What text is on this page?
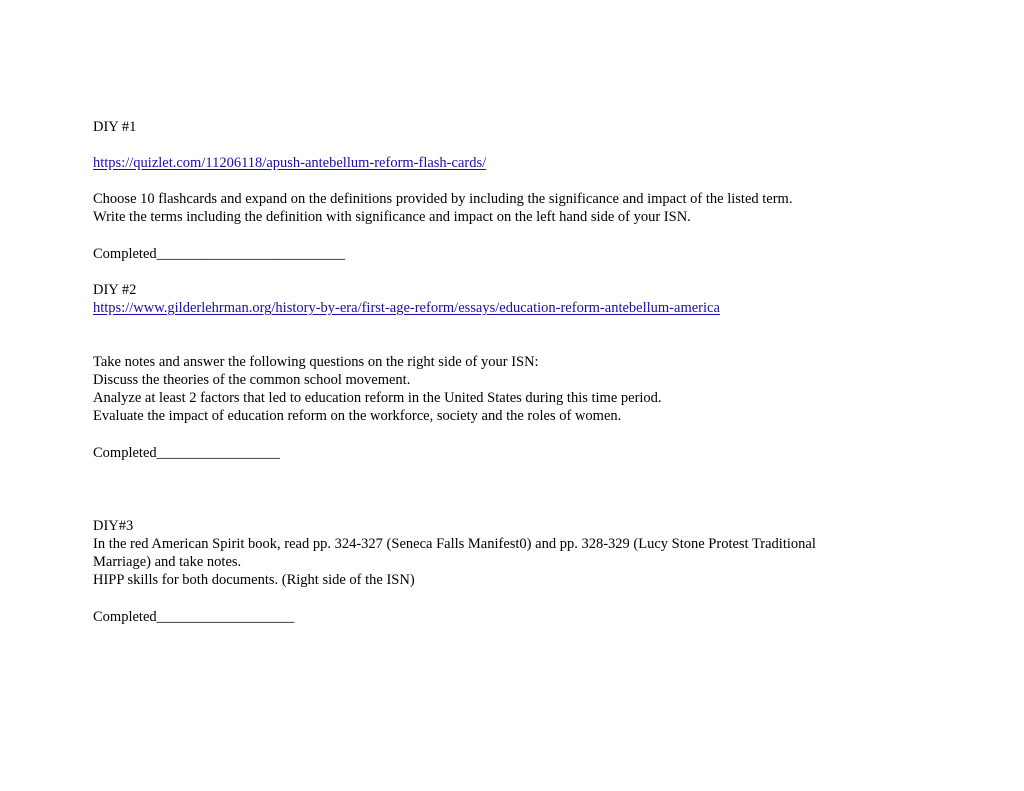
DIY #1
https://quizlet.com/11206118/apush-antebellum-reform-flash-cards/
Choose 10 flashcards and expand on the definitions provided by including the significance and impact of the listed term.
Write the terms including the definition with significance and impact on the left hand side of your ISN.
Completed__________________________
DIY #2
https://www.gilderlehrman.org/history-by-era/first-age-reform/essays/education-reform-antebellum-america
Take notes and answer the following questions on the right side of your ISN:
Discuss the theories of the common school movement.
Analyze at least 2 factors that led to education reform in the United States during this time period.
Evaluate the impact of education reform on the workforce, society and the roles of women.
Completed_________________
DIY#3
In the red American Spirit book, read pp. 324-327 (Seneca Falls Manifest0) and pp. 328-329 (Lucy Stone Protest Traditional
Marriage) and take notes.
HIPP skills for both documents. (Right side of the ISN)
Completed___________________
